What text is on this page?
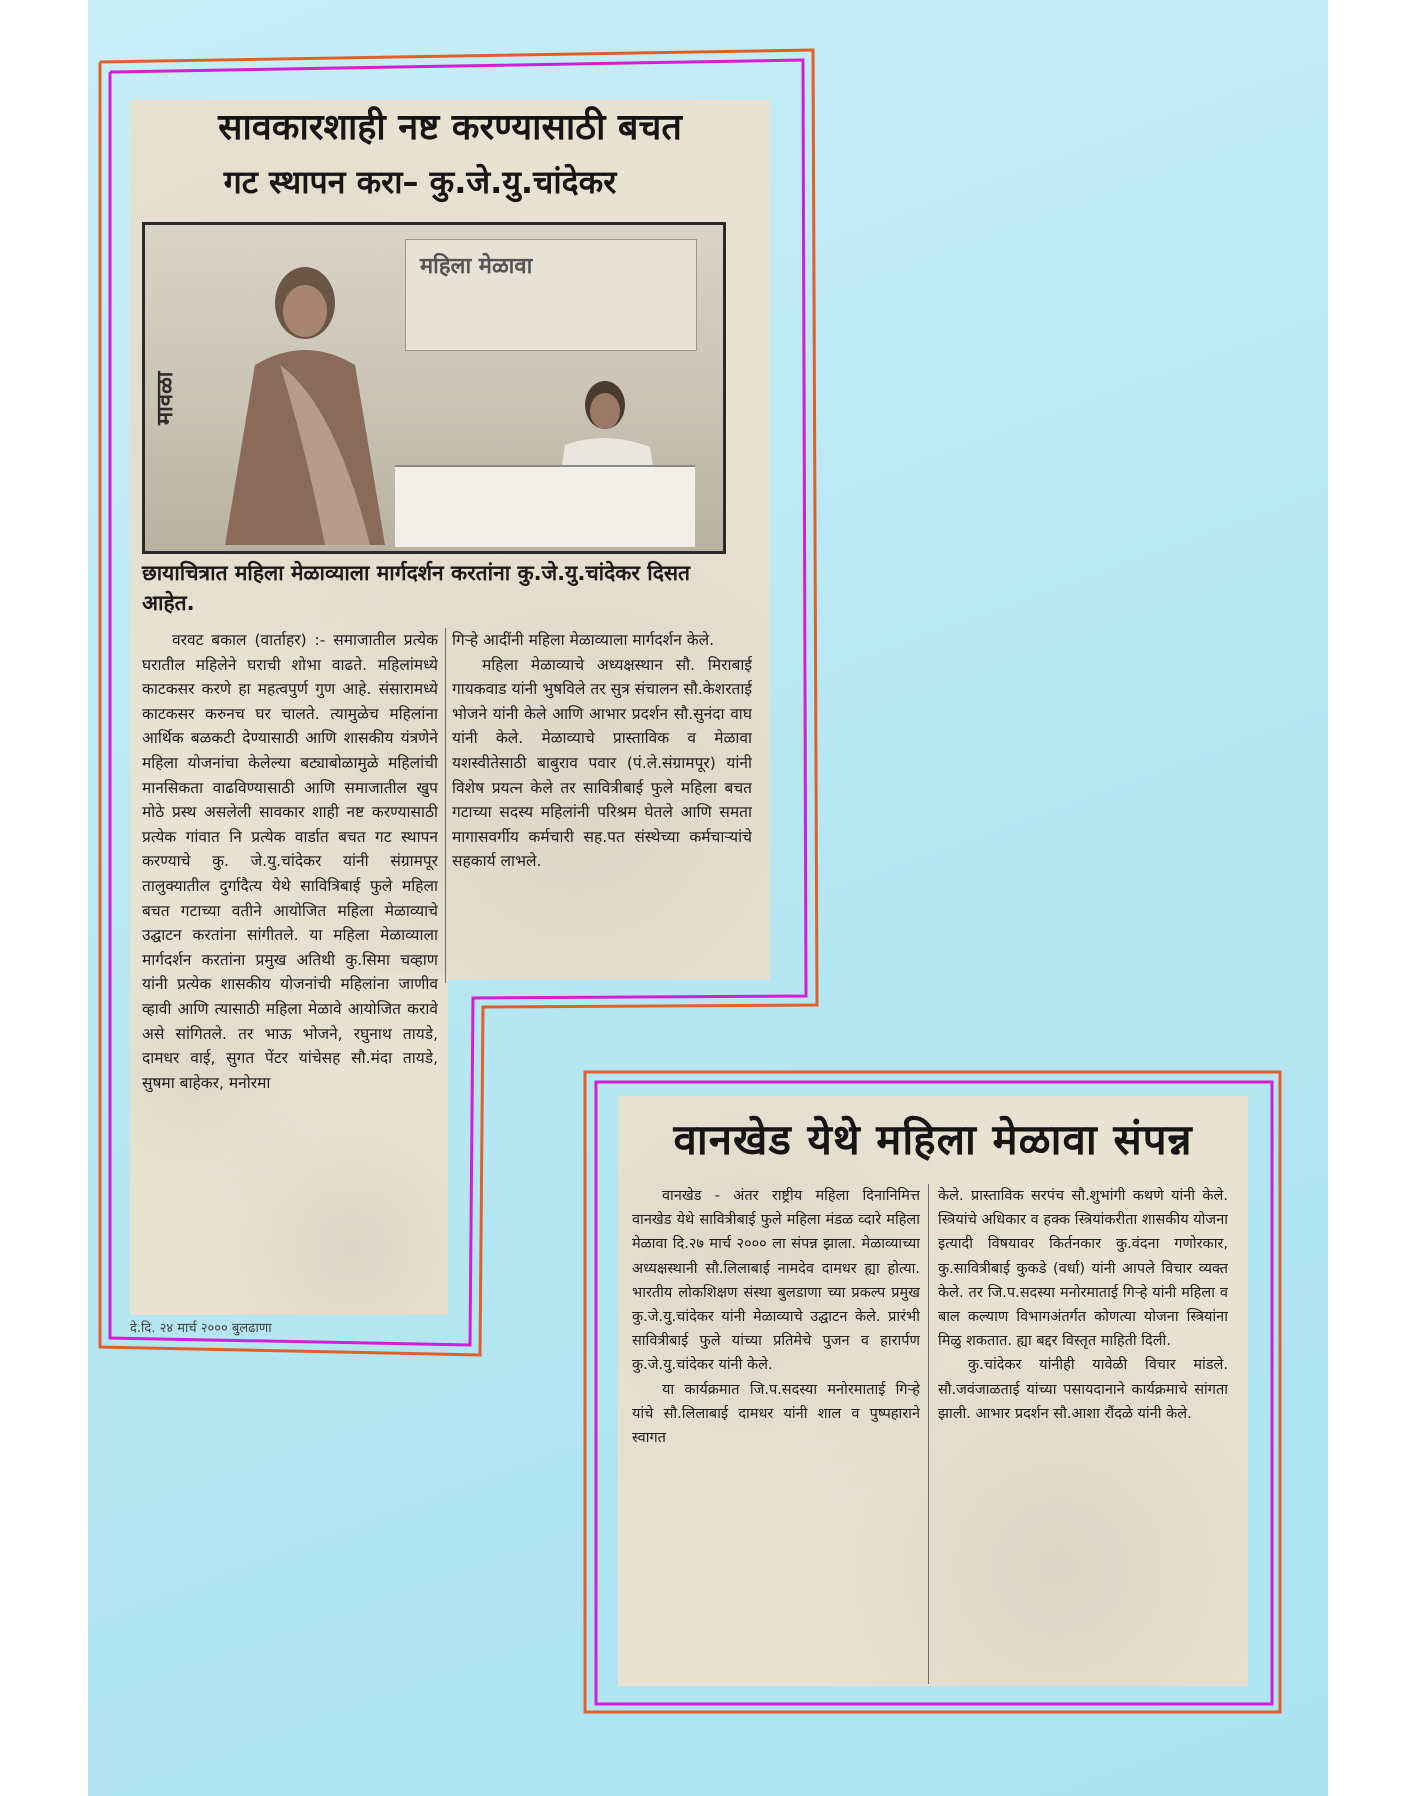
सावकारशाही नष्ट करण्यासाठी बचत
गट स्थापन करा– कु.जे.यु.चांदेकर
महिला मेळावा
मावळा
छायाचित्रात महिला मेळाव्याला मार्गदर्शन करतांना कु.जे.यु.चांदेकर दिसत आहेत.

वरवट बकाल (वार्ताहर) :- समाजातील प्रत्येक घरातील महिलेने घराची शोभा वाढते. महिलांमध्ये काटकसर करणे हा महत्वपुर्ण गुण आहे. संसारामध्ये काटकसर करुनच घर चालते. त्यामुळेच महिलांना आर्थिक बळकटी देण्यासाठी आणि शासकीय यंत्रणेने महिला योजनांचा केलेल्या बट्याबोळामुळे महिलांची मानसिकता वाढविण्यासाठी आणि समाजातील खुप मोठे प्रस्थ असलेली सावकार शाही नष्ट करण्यासाठी प्रत्येक गांवात नि प्रत्येक वार्डात बचत गट स्थापन करण्याचे कु. जे.यु.चांदेकर यांनी संग्रामपूर तालुक्यातील दुर्गादैत्य येथे सावित्रिबाई फुले महिला बचत गटाच्या वतीने आयोजित महिला मेळाव्याचे उद्घाटन करतांना सांगीतले. या महिला मेळाव्याला मार्गदर्शन करतांना प्रमुख अतिथी कु.सिमा चव्हाण यांनी प्रत्येक शासकीय योजनांची महिलांना जाणीव व्हावी आणि त्यासाठी महिला मेळावे आयोजित करावे असे सांगितले. तर भाऊ भोजने, रघुनाथ तायडे, दामधर वाई, सुगत पेंटर यांचेसह सौ.मंदा तायडे, सुषमा बाहेकर, मनोरमा

गिऱ्हे आदींनी महिला मेळाव्याला मार्गदर्शन केले.

महिला मेळाव्याचे अध्यक्षस्थान सौ. मिराबाई गायकवाड यांनी भुषविले तर सुत्र संचालन सौ.केशरताई भोजने यांनी केले आणि आभार प्रदर्शन सौ.सुनंदा वाघ यांनी केले. मेळाव्याचे प्रास्ताविक व मेळावा यशस्वीतेसाठी बाबुराव पवार (पं.ले.संग्रामपूर) यांनी विशेष प्रयत्न केले तर सावित्रीबाई फुले महिला बचत गटाच्या सदस्य महिलांनी परिश्रम घेतले आणि समता मागासवर्गीय कर्मचारी सह.पत संस्थेच्या कर्मचाऱ्यांचे सहकार्य लाभले.

दे.दि. २४ मार्च २००० बुलढाणा
वानखेड येथे महिला मेळावा संपन्न

वानखेड - अंतर राष्ट्रीय महिला दिनानिमित्त वानखेड येथे सावित्रीबाई फुले महिला मंडळ व्दारे महिला मेळावा दि.२७ मार्च २००० ला संपन्न झाला. मेळाव्याच्या अध्यक्षस्थानी सौ.लिलाबाई नामदेव दामधर ह्या होत्या. भारतीय लोकशिक्षण संस्था बुलडाणा च्या प्रकल्प प्रमुख कु.जे.यु.चांदेकर यांनी मेळाव्याचे उद्घाटन केले. प्रारंभी सावित्रीबाई फुले यांच्या प्रतिमेचे पुजन व हारार्पण कु.जे.यु.चांदेकर यांनी केले.

या कार्यक्रमात जि.प.सदस्या मनोरमाताई गिऱ्हे यांचे सौ.लिलाबाई दामधर यांनी शाल व पुष्पहाराने स्वागत

केले. प्रास्ताविक सरपंच सौ.शुभांगी कथणे यांनी केले. स्त्रियांचे अधिकार व हक्क स्त्रियांकरीता शासकीय योजना इत्यादी विषयावर किर्तनकार कु.वंदना गणोरकार, कु.सावित्रीबाई कुकडे (वर्धा) यांनी आपले विचार व्यक्त केले. तर जि.प.सदस्या मनोरमाताई गिऱ्हे यांनी महिला व बाल कल्याण विभागअंतर्गत कोणत्या योजना स्त्रियांना मिळु शकतात. ह्या बद्दर विस्तृत माहिती दिली.

कु.चांदेकर यांनीही यावेळी विचार मांडले. सौ.जवंजाळताई यांच्या पसायदानाने कार्यक्रमाचे सांगता झाली. आभार प्रदर्शन सौ.आशा रौंदळे यांनी केले.
